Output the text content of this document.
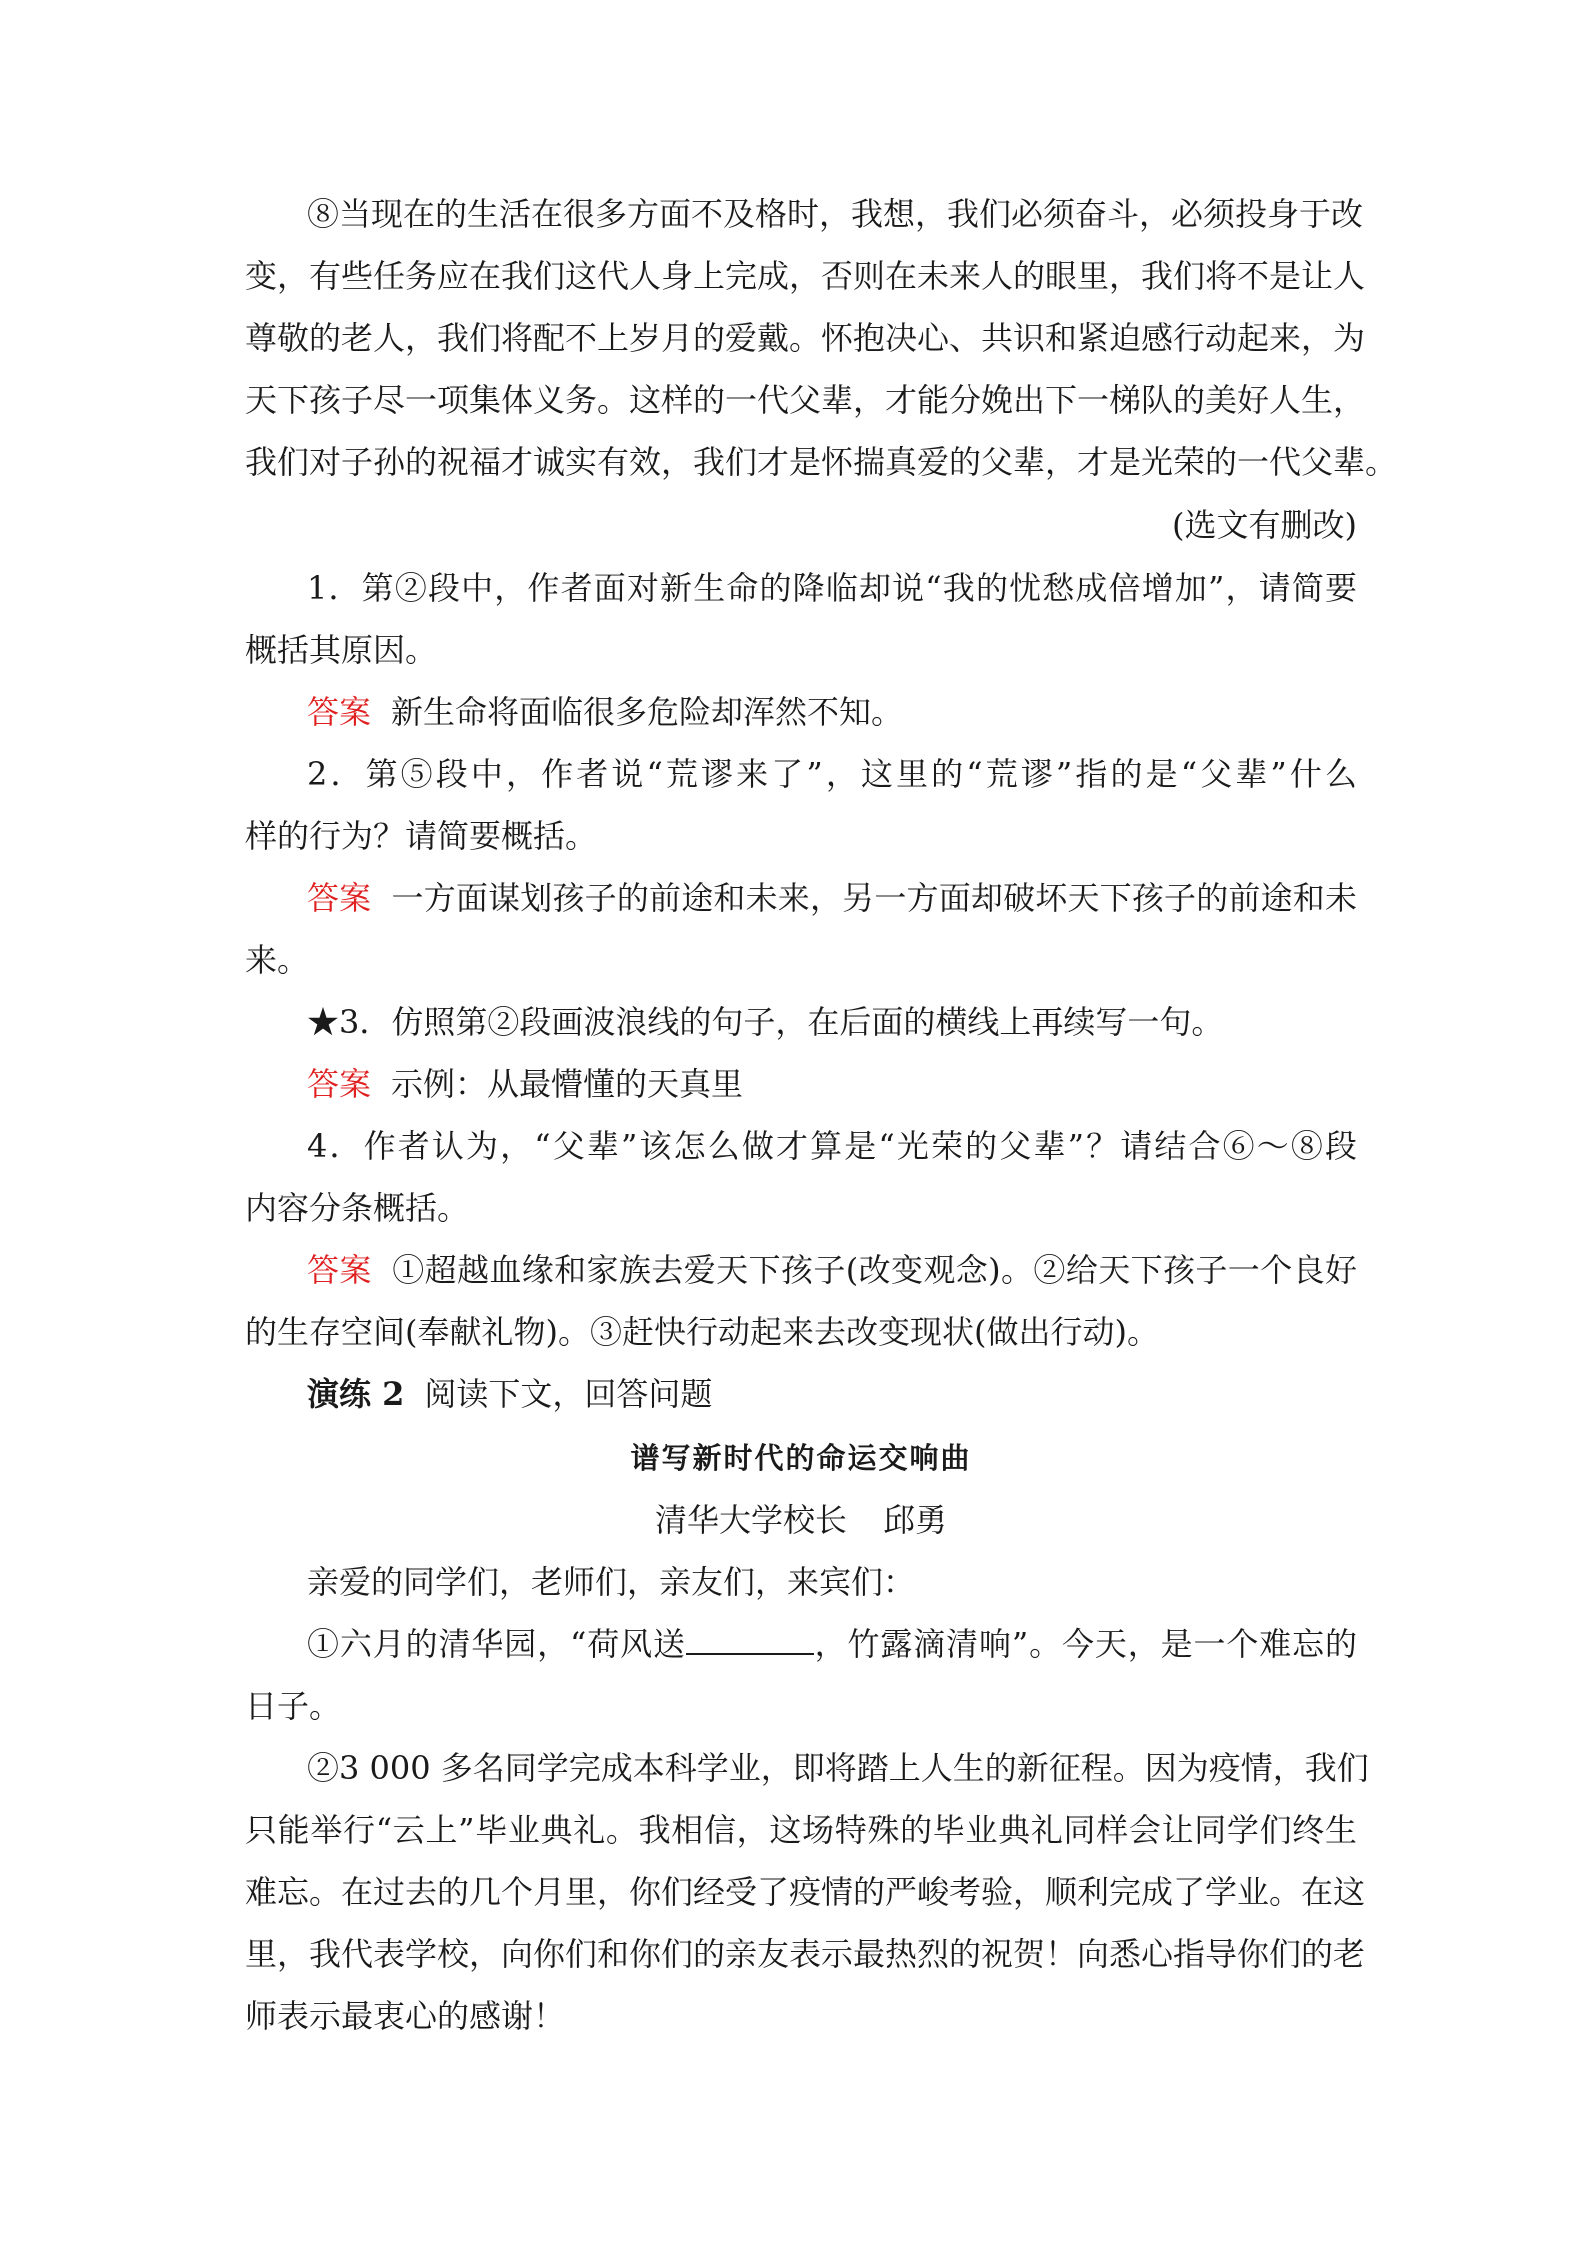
⑧当现在的生活在很多方面不及格时，我想，我们必须奋斗，必须投身于改
变，有些任务应在我们这代人身上完成，否则在未来人的眼里，我们将不是让人
尊敬的老人，我们将配不上岁月的爱戴。怀抱决心、共识和紧迫感行动起来，为
天下孩子尽一项集体义务。这样的一代父辈，才能分娩出下一梯队的美好人生，
我们对子孙的祝福才诚实有效，我们才是怀揣真爱的父辈，才是光荣的一代父辈。
(选文有删改)
1．第②段中，作者面对新生命的降临却说“我的忧愁成倍增加”，请简要
概括其原因。
答案 新生命将面临很多危险却浑然不知。
2．第⑤段中，作者说“荒谬来了”，这里的“荒谬”指的是“父辈”什么
样的行为？请简要概括。
答案 一方面谋划孩子的前途和未来，另一方面却破坏天下孩子的前途和未
来。
★3．仿照第②段画波浪线的句子，在后面的横线上再续写一句。
答案 示例：从最懵懂的天真里
4．作者认为，“父辈”该怎么做才算是“光荣的父辈”？请结合⑥～⑧段
内容分条概括。
答案 ①超越血缘和家族去爱天下孩子(改变观念)。②给天下孩子一个良好
的生存空间(奉献礼物)。③赶快行动起来去改变现状(做出行动)。
演练 2 阅读下文，回答问题
谱写新时代的命运交响曲
清华大学校长 邱勇
亲爱的同学们，老师们，亲友们，来宾们：
①六月的清华园，“荷风送	，竹露滴清响”。今天，是一个难忘的
日子。
②3 000 多名同学完成本科学业，即将踏上人生的新征程。因为疫情，我们
只能举行“云上”毕业典礼。我相信，这场特殊的毕业典礼同样会让同学们终生
难忘。在过去的几个月里，你们经受了疫情的严峻考验，顺利完成了学业。在这
里，我代表学校，向你们和你们的亲友表示最热烈的祝贺！向悉心指导你们的老
师表示最衷心的感谢！
